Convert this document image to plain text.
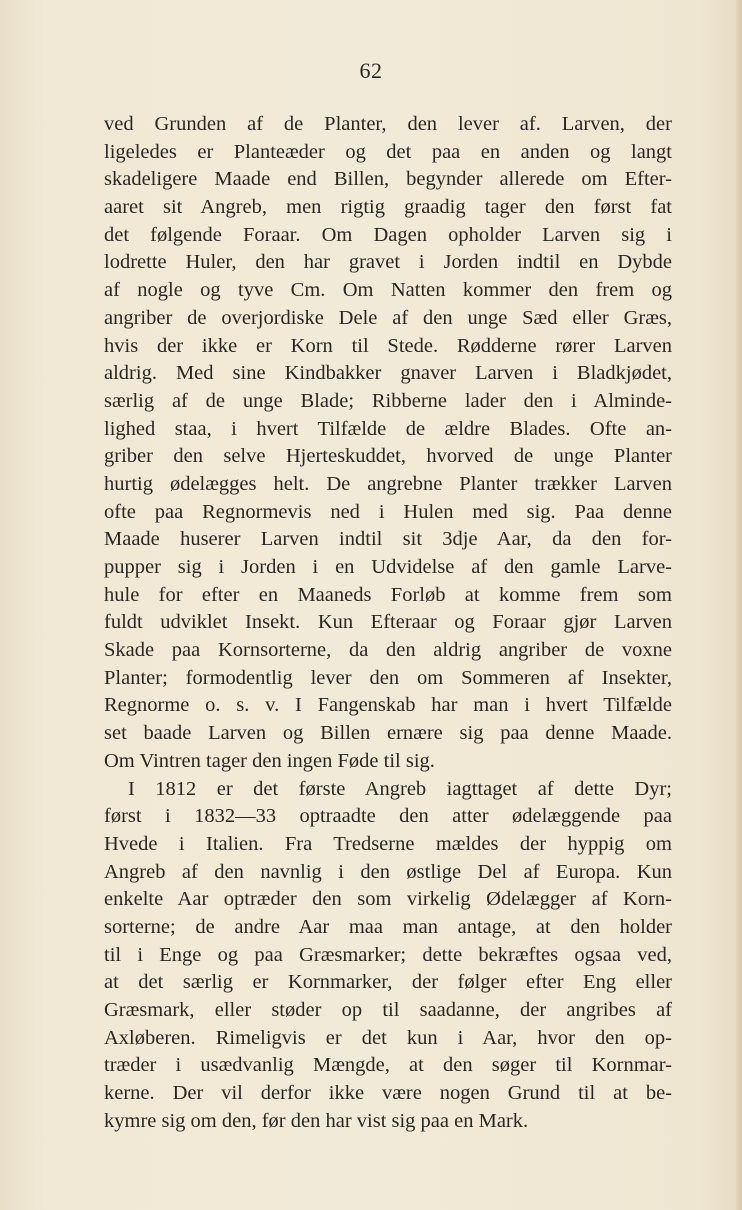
62
ved Grunden af de Planter, den lever af. Larven, der
ligeledes er Planteæder og det paa en anden og langt
skadeligere Maade end Billen, begynder allerede om Efter-
aaret sit Angreb, men rigtig graadig tager den først fat
det følgende Foraar. Om Dagen opholder Larven sig i
lodrette Huler, den har gravet i Jorden indtil en Dybde
af nogle og tyve Cm. Om Natten kommer den frem og
angriber de overjordiske Dele af den unge Sæd eller Græs,
hvis der ikke er Korn til Stede. Rødderne rører Larven
aldrig. Med sine Kindbakker gnaver Larven i Bladkjødet,
særlig af de unge Blade; Ribberne lader den i Alminde-
lighed staa, i hvert Tilfælde de ældre Blades. Ofte an-
griber den selve Hjerteskuddet, hvorved de unge Planter
hurtig ødelægges helt. De angrebne Planter trækker Larven
ofte paa Regnormevis ned i Hulen med sig. Paa denne
Maade huserer Larven indtil sit 3dje Aar, da den for-
pupper sig i Jorden i en Udvidelse af den gamle Larve-
hule for efter en Maaneds Forløb at komme frem som
fuldt udviklet Insekt. Kun Efteraar og Foraar gjør Larven
Skade paa Kornsorterne, da den aldrig angriber de voxne
Planter; formodentlig lever den om Sommeren af Insekter,
Regnorme o. s. v. I Fangenskab har man i hvert Tilfælde
set baade Larven og Billen ernære sig paa denne Maade.
Om Vintren tager den ingen Føde til sig.
I 1812 er det første Angreb iagttaget af dette Dyr;
først i 1832—33 optraadte den atter ødelæggende paa
Hvede i Italien. Fra Tredserne mældes der hyppig om
Angreb af den navnlig i den østlige Del af Europa. Kun
enkelte Aar optræder den som virkelig Ødelægger af Korn-
sorterne; de andre Aar maa man antage, at den holder
til i Enge og paa Græsmarker; dette bekræftes ogsaa ved,
at det særlig er Kornmarker, der følger efter Eng eller
Græsmark, eller støder op til saadanne, der angribes af
Axløberen. Rimeligvis er det kun i Aar, hvor den op-
træder i usædvanlig Mængde, at den søger til Kornmar-
kerne. Der vil derfor ikke være nogen Grund til at be-
kymre sig om den, før den har vist sig paa en Mark.
